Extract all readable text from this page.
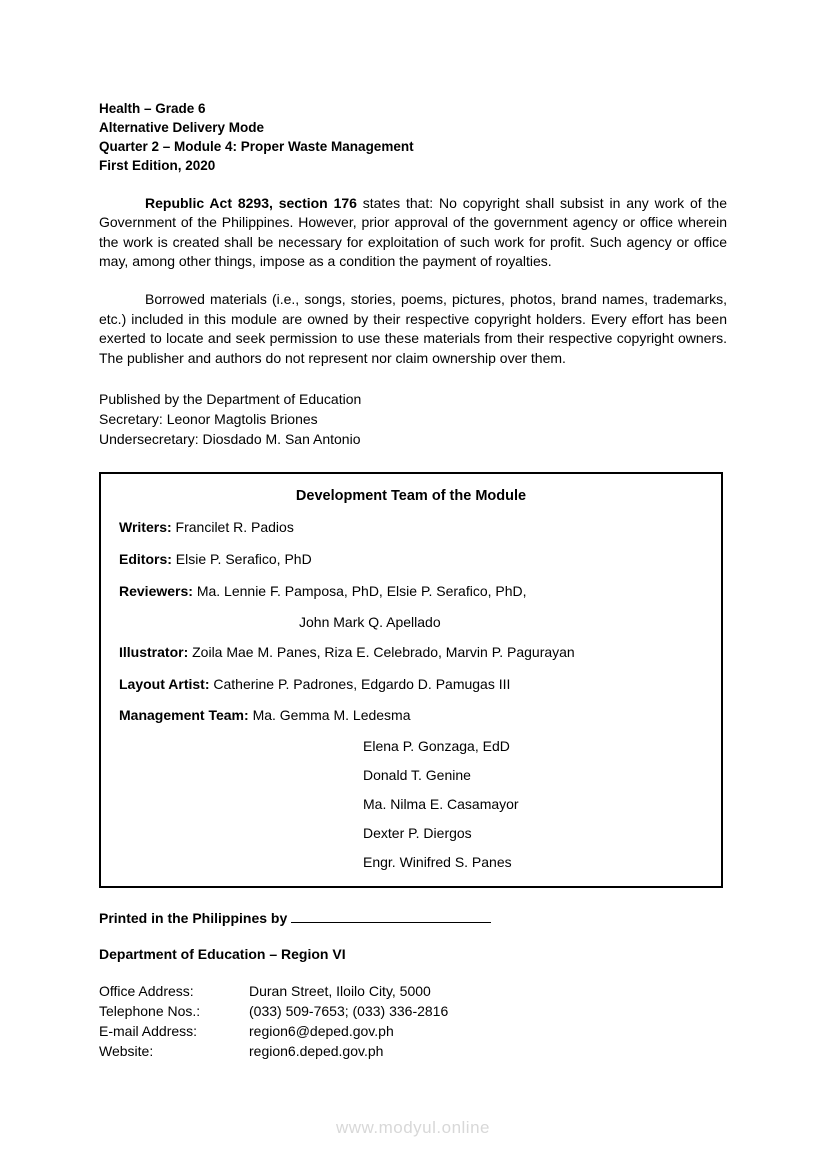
Health – Grade 6
Alternative Delivery Mode
Quarter 2 – Module 4: Proper Waste Management
First Edition, 2020

Republic Act 8293, section 176 states that: No copyright shall subsist in any work of the Government of the Philippines. However, prior approval of the government agency or office wherein the work is created shall be necessary for exploitation of such work for profit. Such agency or office may, among other things, impose as a condition the payment of royalties.

Borrowed materials (i.e., songs, stories, poems, pictures, photos, brand names, trademarks, etc.) included in this module are owned by their respective copyright holders. Every effort has been exerted to locate and seek permission to use these materials from their respective copyright owners. The publisher and authors do not represent nor claim ownership over them.

Published by the Department of Education
Secretary: Leonor Magtolis Briones
Undersecretary: Diosdado M. San Antonio
Development Team of the Module
Writers: Francilet R. Padios
Editors: Elsie P. Serafico, PhD
Reviewers: Ma. Lennie F. Pamposa, PhD, Elsie P. Serafico, PhD,
John Mark Q. Apellado
Illustrator: Zoila Mae M. Panes, Riza E. Celebrado, Marvin P. Pagurayan
Layout Artist: Catherine P. Padrones, Edgardo D. Pamugas III
Management Team: Ma. Gemma M. Ledesma
Elena P. Gonzaga, EdD
Donald T. Genine
Ma. Nilma E. Casamayor
Dexter P. Diergos
Engr. Winifred S. Panes
Printed in the Philippines by
Department of Education – Region VI
Office Address:	Duran Street, Iloilo City, 5000
Telephone Nos.:	(033) 509-7653; (033) 336-2816
E-mail Address:	region6@deped.gov.ph
Website:	region6.deped.gov.ph
www.modyul.online
